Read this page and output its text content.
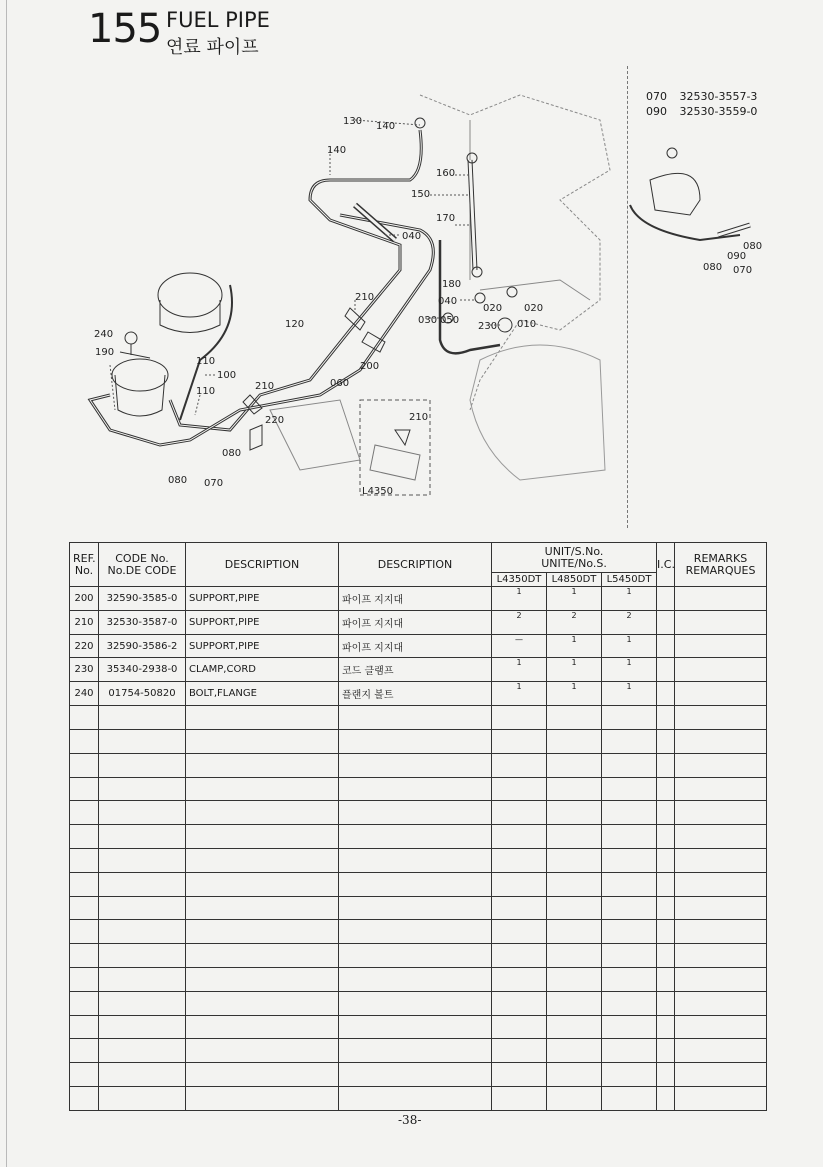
155 FUEL PIPE
연료 파이프
070 32530-3557-3
090 32530-3559-0
130 140
140
160
150
170
040
210
120
100
110
110	210	060
200
180
040
020 020
030 050
230 010
240
190
220	210
080
080 070
L4350
080
090
080 070
REF.
No.	CODE No.
No.DE CODE	DESCRIPTION	DESCRIPTION	UNIT/S.No.
UNITE/No.S.			I.C.	REMARKS
REMARQUES
				L4350DT	L4850DT	L5450DT		
200	32590-3585-0	SUPPORT,PIPE	파이프 지지대	1	1	1		
210	32530-3587-0	SUPPORT,PIPE	파이프 지지대	2	2	2		
220	32590-3586-2	SUPPORT,PIPE	파이프 지지대	—	1	1		
230	35340-2938-0	CLAMP,CORD	코드 클램프	1	1	1		
240	01754-50820	BOLT,FLANGE	플랜지 볼트	1	1	1		

-38-
